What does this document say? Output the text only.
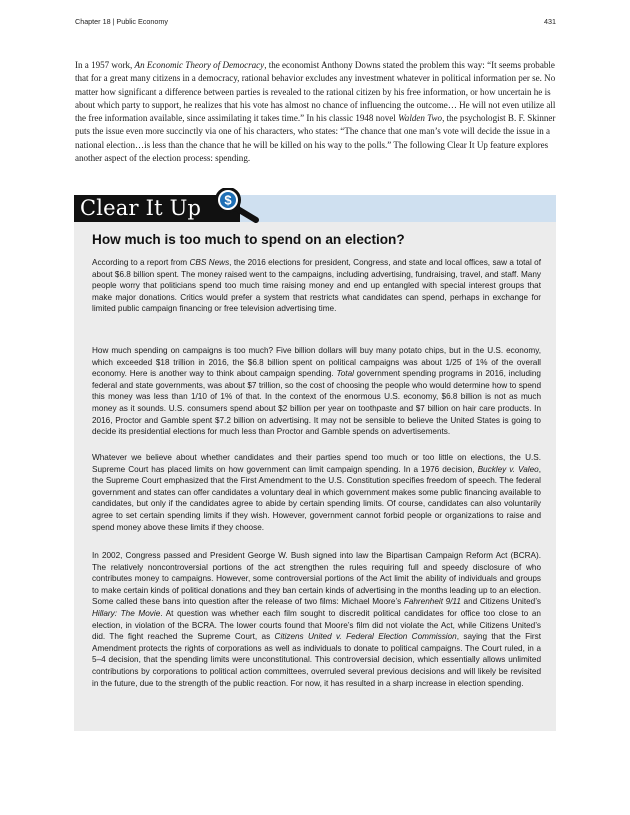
Chapter 18 | Public Economy	431

In a 1957 work, An Economic Theory of Democracy, the economist Anthony Downs stated the problem this way: “It seems probable that for a great many citizens in a democracy, rational behavior excludes any investment whatever in political information per se. No matter how significant a difference between parties is revealed to the rational citizen by his free information, or how uncertain he is about which party to support, he realizes that his vote has almost no chance of influencing the outcome… He will not even utilize all the free information available, since assimilating it takes time.” In his classic 1948 novel Walden Two, the psychologist B. F. Skinner puts the issue even more succinctly via one of his characters, who states: “The chance that one man’s vote will decide the issue in a national election…is less than the chance that he will be killed on his way to the polls.” The following Clear It Up feature explores another aspect of the election process: spending.

Clear It Up $
How much is too much to spend on an election?

According to a report from CBS News, the 2016 elections for president, Congress, and state and local offices, saw a total of about $6.8 billion spent. The money raised went to the campaigns, including advertising, fundraising, travel, and staff. Many people worry that politicians spend too much time raising money and end up entangled with special interest groups that make major donations. Critics would prefer a system that restricts what candidates can spend, perhaps in exchange for limited public campaign financing or free television advertising time.

How much spending on campaigns is too much? Five billion dollars will buy many potato chips, but in the U.S. economy, which exceeded $18 trillion in 2016, the $6.8 billion spent on political campaigns was about 1/25 of 1% of the overall economy. Here is another way to think about campaign spending. Total government spending programs in 2016, including federal and state governments, was about $7 trillion, so the cost of choosing the people who would determine how to spend this money was less than 1/10 of 1% of that. In the context of the enormous U.S. economy, $6.8 billion is not as much money as it sounds. U.S. consumers spend about $2 billion per year on toothpaste and $7 billion on hair care products. In 2016, Proctor and Gamble spent $7.2 billion on advertising. It may not be sensible to believe the United States is going to decide its presidential elections for much less than Proctor and Gamble spends on advertisements.

Whatever we believe about whether candidates and their parties spend too much or too little on elections, the U.S. Supreme Court has placed limits on how government can limit campaign spending. In a 1976 decision, Buckley v. Valeo, the Supreme Court emphasized that the First Amendment to the U.S. Constitution specifies freedom of speech. The federal government and states can offer candidates a voluntary deal in which government makes some public financing available to candidates, but only if the candidates agree to abide by certain spending limits. Of course, candidates can also voluntarily agree to set certain spending limits if they wish. However, government cannot forbid people or organizations to raise and spend money above these limits if they choose.

In 2002, Congress passed and President George W. Bush signed into law the Bipartisan Campaign Reform Act (BCRA). The relatively noncontroversial portions of the act strengthen the rules requiring full and speedy disclosure of who contributes money to campaigns. However, some controversial portions of the Act limit the ability of individuals and groups to make certain kinds of political donations and they ban certain kinds of advertising in the months leading up to an election. Some called these bans into question after the release of two films: Michael Moore’s Fahrenheit 9/11 and Citizens United’s Hillary: The Movie. At question was whether each film sought to discredit political candidates for office too close to an election, in violation of the BCRA. The lower courts found that Moore’s film did not violate the Act, while Citizens United’s did. The fight reached the Supreme Court, as Citizens United v. Federal Election Commission, saying that the First Amendment protects the rights of corporations as well as individuals to donate to political campaigns. The Court ruled, in a 5–4 decision, that the spending limits were unconstitutional. This controversial decision, which essentially allows unlimited contributions by corporations to political action committees, overruled several previous decisions and will likely be revisited in the future, due to the strength of the public reaction. For now, it has resulted in a sharp increase in election spending.
